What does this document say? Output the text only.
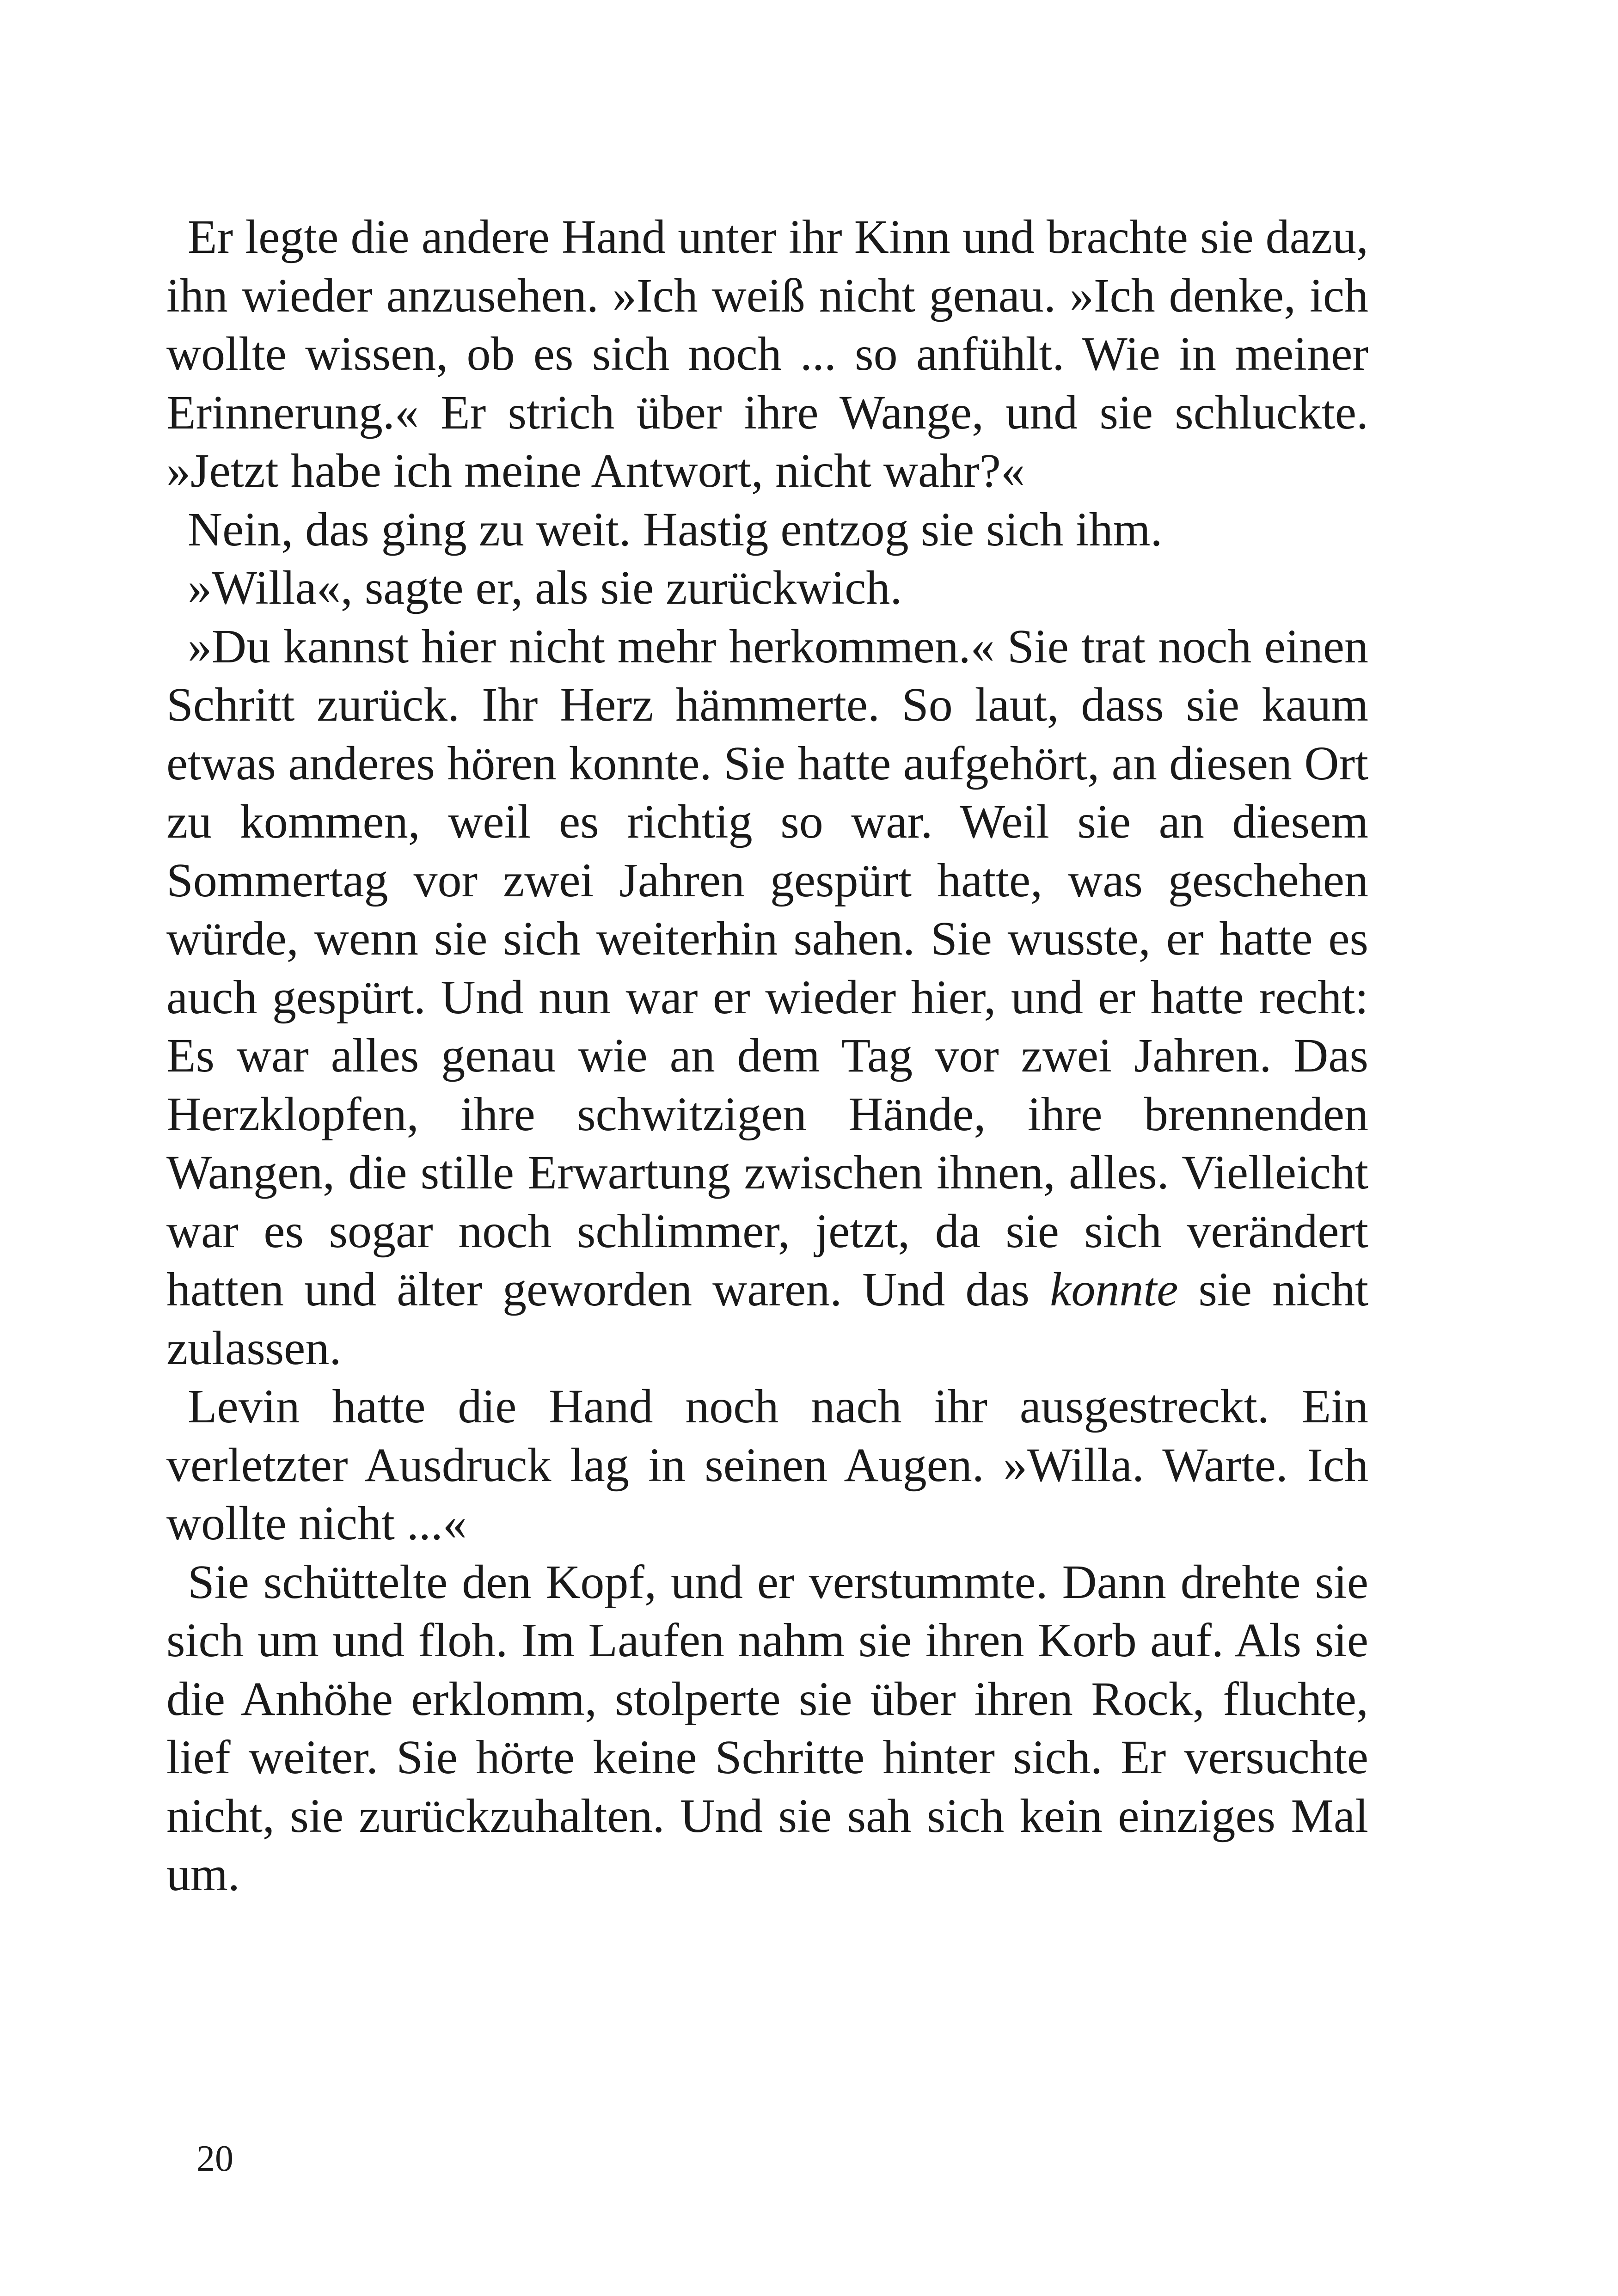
Er legte die andere Hand unter ihr Kinn und brachte sie dazu, ihn wieder anzusehen. »Ich weiß nicht genau. »Ich denke, ich wollte wissen, ob es sich noch ... so anfühlt. Wie in meiner Erinnerung.« Er strich über ihre Wange, und sie schluckte. »Jetzt habe ich meine Antwort, nicht wahr?«

Nein, das ging zu weit. Hastig entzog sie sich ihm.

»Willa«, sagte er, als sie zurückwich.

»Du kannst hier nicht mehr herkommen.« Sie trat noch einen Schritt zurück. Ihr Herz hämmerte. So laut, dass sie kaum etwas anderes hören konnte. Sie hatte aufgehört, an diesen Ort zu kommen, weil es richtig so war. Weil sie an diesem Sommertag vor zwei Jahren gespürt hatte, was geschehen würde, wenn sie sich weiterhin sahen. Sie wusste, er hatte es auch gespürt. Und nun war er wieder hier, und er hatte recht: Es war alles genau wie an dem Tag vor zwei Jahren. Das Herzklopfen, ihre schwitzigen Hände, ihre brennenden Wangen, die stille Erwartung zwischen ihnen, alles. Vielleicht war es sogar noch schlimmer, jetzt, da sie sich verändert hatten und älter geworden waren. Und das konnte sie nicht zulassen.

Levin hatte die Hand noch nach ihr ausgestreckt. Ein verletzter Ausdruck lag in seinen Augen. »Willa. Warte. Ich wollte nicht ...«

Sie schüttelte den Kopf, und er verstummte. Dann drehte sie sich um und floh. Im Laufen nahm sie ihren Korb auf. Als sie die Anhöhe erklomm, stolperte sie über ihren Rock, fluchte, lief weiter. Sie hörte keine Schritte hinter sich. Er versuchte nicht, sie zurückzuhalten. Und sie sah sich kein einziges Mal um.

20
